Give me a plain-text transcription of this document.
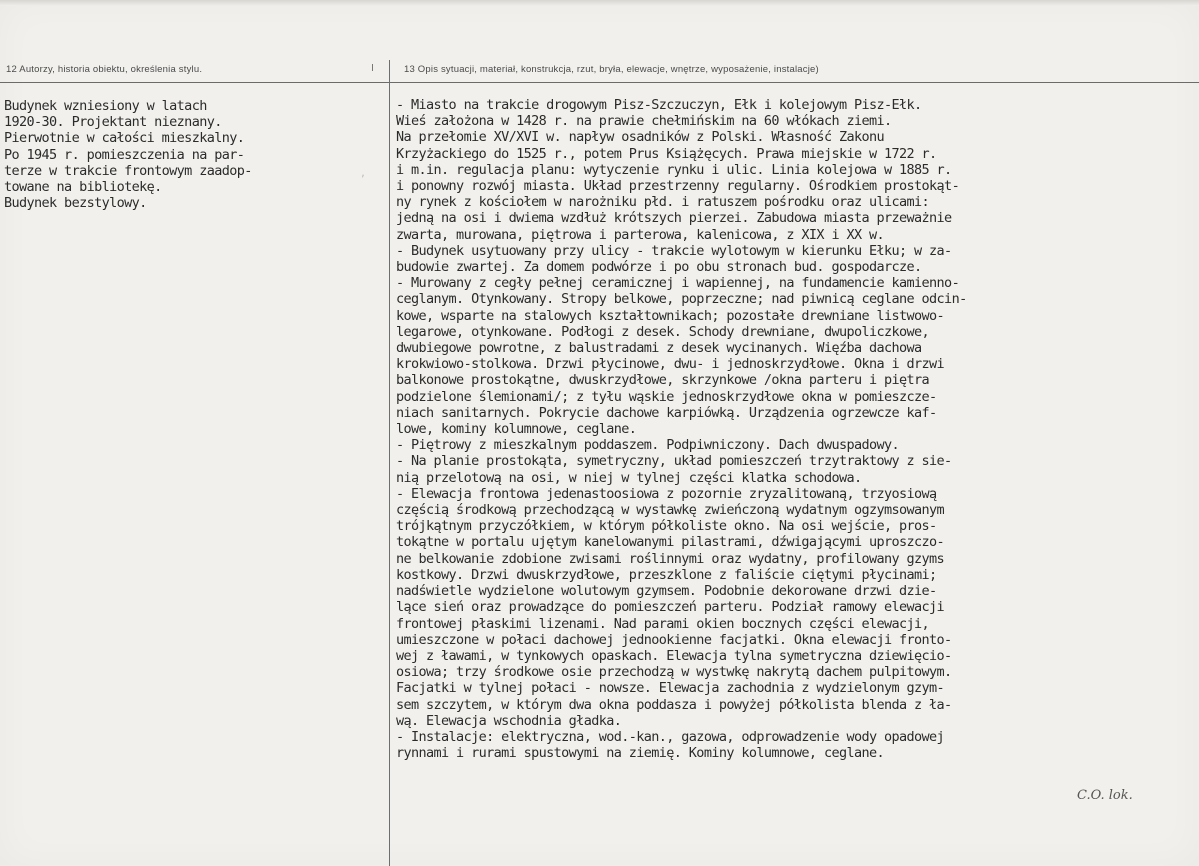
12 Autorzy, historia obiektu, określenia stylu.	13 Opis sytuacji, materiał, konstrukcja, rzut, bryła, elewacje, wnętrze, wyposażenie, instalacje)
Budynek wzniesiony w latach
1920-30. Projektant nieznany.
Pierwotnie w całości mieszkalny.
Po 1945 r. pomieszczenia na par-
terze w trakcie frontowym zaadop-
towane na bibliotekę.
Budynek bezstylowy.
- Miasto na trakcie drogowym Pisz-Szczuczyn, Ełk i kolejowym Pisz-Ełk.
Wieś założona w 1428 r. na prawie chełmińskim na 60 włókach ziemi.
Na przełomie XV/XVI w. napływ osadników z Polski. Własność Zakonu
Krzyżackiego do 1525 r., potem Prus Książęcych. Prawa miejskie w 1722 r.
i m.in. regulacja planu: wytyczenie rynku i ulic. Linia kolejowa w 1885 r.
i ponowny rozwój miasta. Układ przestrzenny regularny. Ośrodkiem prostokąt-
ny rynek z kościołem w narożniku płd. i ratuszem pośrodku oraz ulicami:
jedną na osi i dwiema wzdłuż krótszych pierzei. Zabudowa miasta przeważnie
zwarta, murowana, piętrowa i parterowa, kalenicowa, z XIX i XX w.
- Budynek usytuowany przy ulicy - trakcie wylotowym w kierunku Ełku; w za-
budowie zwartej. Za domem podwórze i po obu stronach bud. gospodarcze.
- Murowany z cegły pełnej ceramicznej i wapiennej, na fundamencie kamienno-
ceglanym. Otynkowany. Stropy belkowe, poprzeczne; nad piwnicą ceglane odcin-
kowe, wsparte na stalowych kształtownikach; pozostałe drewniane listwowo-
legarowe, otynkowane. Podłogi z desek. Schody drewniane, dwupoliczkowe,
dwubiegowe powrotne, z balustradami z desek wycinanych. Więźba dachowa
krokwiowo-stolkowa. Drzwi płycinowe, dwu- i jednoskrzydłowe. Okna i drzwi
balkonowe prostokątne, dwuskrzydłowe, skrzynkowe /okna parteru i piętra
podzielone ślemionami/; z tyłu wąskie jednoskrzydłowe okna w pomieszcze-
niach sanitarnych. Pokrycie dachowe karpiówką. Urządzenia ogrzewcze kaf-
lowe, kominy kolumnowe, ceglane.
- Piętrowy z mieszkalnym poddaszem. Podpiwniczony. Dach dwuspadowy.
- Na planie prostokąta, symetryczny, układ pomieszczeń trzytraktowy z sie-
nią przelotową na osi, w niej w tylnej części klatka schodowa.
- Elewacja frontowa jedenastoosiowa z pozornie zryzalitowaną, trzyosiową
częścią środkową przechodzącą w wystawkę zwieńczoną wydatnym ogzymsowanym
trójkątnym przyczółkiem, w którym półkoliste okno. Na osi wejście, pros-
tokątne w portalu ujętym kanelowanymi pilastrami, dźwigającymi uproszczo-
ne belkowanie zdobione zwisami roślinnymi oraz wydatny, profilowany gzyms
kostkowy. Drzwi dwuskrzydłowe, przeszklone z faliście ciętymi płycinami;
nadświetle wydzielone wolutowym gzymsem. Podobnie dekorowane drzwi dzie-
lące sień oraz prowadzące do pomieszczeń parteru. Podział ramowy elewacji
frontowej płaskimi lizenami. Nad parami okien bocznych części elewacji,
umieszczone w połaci dachowej jednookienne facjatki. Okna elewacji fronto-
wej z ławami, w tynkowych opaskach. Elewacja tylna symetryczna dziewięcio-
osiowa; trzy środkowe osie przechodzą w wystwkę nakrytą dachem pulpitowym.
Facjatki w tylnej połaci - nowsze. Elewacja zachodnia z wydzielonym gzym-
sem szczytem, w którym dwa okna poddasza i powyżej półkolista blenda z ła-
wą. Elewacja wschodnia gładka.
- Instalacje: elektryczna, wod.-kan., gazowa, odprowadzenie wody opadowej
rynnami i rurami spustowymi na ziemię. Kominy kolumnowe, ceglane.
,
C.O. lok.
